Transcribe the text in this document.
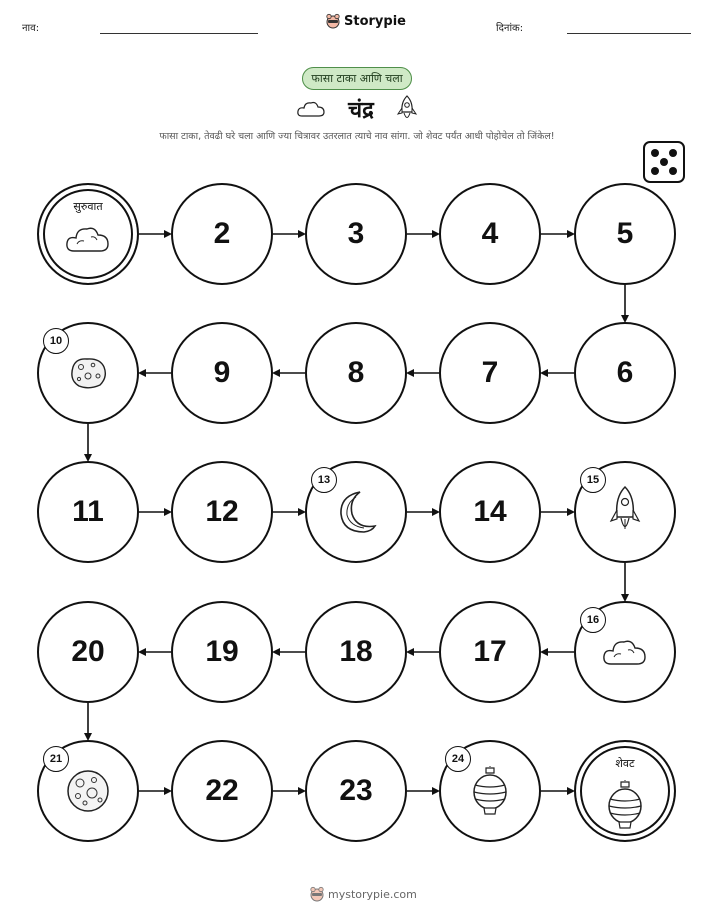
नाव:	Storypie	दिनांक:
फासा टाका आणि चला
चंद्र
फासा टाका, तेवढी घरे चला आणि ज्या चित्रावर उतरलात त्याचे नाव सांगा. जो शेवट पर्यंत आधी पोहोचेल तो जिंकेल!
सुरुवात
2	3	4	5
6
7
8
9
10
11	12
13
14
15
16
17
18
19
20
21
22	23
24	शेवट
mystorypie.com
